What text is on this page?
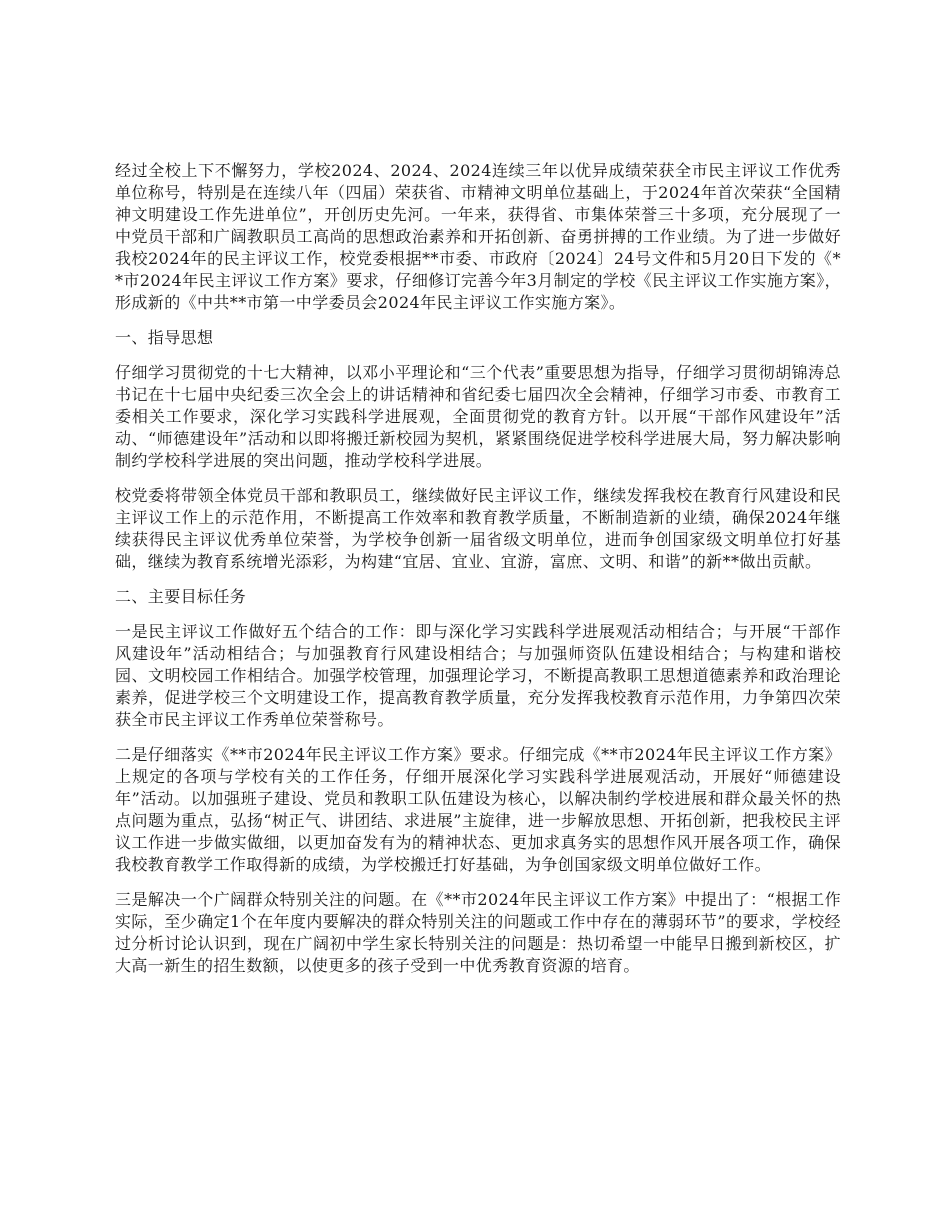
经过全校上下不懈努力，学校2024、2024、2024连续三年以优异成绩荣获全市民主评议工作优秀单位称号，特别是在连续八年（四届）荣获省、市精神文明单位基础上，于2024年首次荣获“全国精神文明建设工作先进单位”，开创历史先河。一年来，获得省、市集体荣誉三十多项，充分展现了一中党员干部和广阔教职员工高尚的思想政治素养和开拓创新、奋勇拼搏的工作业绩。为了进一步做好我校2024年的民主评议工作，校党委根据**市委、市政府〔2024〕24号文件和5月20日下发的《**市2024年民主评议工作方案》要求，仔细修订完善今年3月制定的学校《民主评议工作实施方案》，形成新的《中共**市第一中学委员会2024年民主评议工作实施方案》。

一、指导思想

仔细学习贯彻党的十七大精神，以邓小平理论和“三个代表”重要思想为指导，仔细学习贯彻胡锦涛总书记在十七届中央纪委三次全会上的讲话精神和省纪委七届四次全会精神，仔细学习市委、市教育工委相关工作要求，深化学习实践科学进展观，全面贯彻党的教育方针。以开展“干部作风建设年”活动、“师德建设年”活动和以即将搬迁新校园为契机，紧紧围绕促进学校科学进展大局，努力解决影响制约学校科学进展的突出问题，推动学校科学进展。

校党委将带领全体党员干部和教职员工，继续做好民主评议工作，继续发挥我校在教育行风建设和民主评议工作上的示范作用，不断提高工作效率和教育教学质量，不断制造新的业绩，确保2024年继续获得民主评议优秀单位荣誉，为学校争创新一届省级文明单位，进而争创国家级文明单位打好基础，继续为教育系统增光添彩，为构建“宜居、宜业、宜游，富庶、文明、和谐”的新**做出贡献。

二、主要目标任务

一是民主评议工作做好五个结合的工作：即与深化学习实践科学进展观活动相结合；与开展“干部作风建设年”活动相结合；与加强教育行风建设相结合；与加强师资队伍建设相结合；与构建和谐校园、文明校园工作相结合。加强学校管理，加强理论学习，不断提高教职工思想道德素养和政治理论素养，促进学校三个文明建设工作，提高教育教学质量，充分发挥我校教育示范作用，力争第四次荣获全市民主评议工作秀单位荣誉称号。

二是仔细落实《**市2024年民主评议工作方案》要求。仔细完成《**市2024年民主评议工作方案》上规定的各项与学校有关的工作任务，仔细开展深化学习实践科学进展观活动，开展好“师德建设年”活动。以加强班子建设、党员和教职工队伍建设为核心，以解决制约学校进展和群众最关怀的热点问题为重点，弘扬“树正气、讲团结、求进展”主旋律，进一步解放思想、开拓创新，把我校民主评议工作进一步做实做细，以更加奋发有为的精神状态、更加求真务实的思想作风开展各项工作，确保我校教育教学工作取得新的成绩，为学校搬迁打好基础，为争创国家级文明单位做好工作。

三是解决一个广阔群众特别关注的问题。在《**市2024年民主评议工作方案》中提出了：“根据工作实际，至少确定1个在年度内要解决的群众特别关注的问题或工作中存在的薄弱环节”的要求，学校经过分析讨论认识到，现在广阔初中学生家长特别关注的问题是：热切希望一中能早日搬到新校区，扩大高一新生的招生数额，以使更多的孩子受到一中优秀教育资源的培育。
